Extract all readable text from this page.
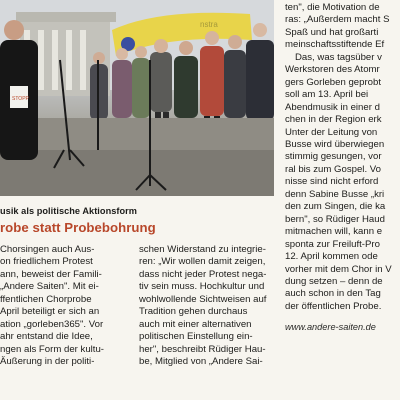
nstra
STOPP
usik als politische Aktionsform
robe statt Probebohrung
Chorsingen auch Aus-
on friedlichem Protest
ann, beweist der Famili-
„Andere Saiten". Mit ei-
ffentlichen Chorprobe
April beteiligt er sich an
ation „gorleben365". Vor
ahr entstand die Idee,
ngen als Form der kultu-
Äußerung in der politi-
schen Widerstand zu integrie-
ren: „Wir wollen damit zeigen,
dass nicht jeder Protest nega-
tiv sein muss. Hochkultur und
wohlwollende Sichtweisen auf
Tradition gehen durchaus
auch mit einer alternativen
politischen Einstellung ein-
her", beschreibt Rüdiger Hau-
be, Mitglied von „Andere Sai-
ten", die Motivation de
ras: „Außerdem macht S
Spaß und hat großarti
meinschaftsstiftende Ef
Das, was tagsüber v
Werkstoren des Atomr
gers Gorleben geprobt
soll am 13. April bei
Abendmusik in einer d
chen in der Region erk
Unter der Leitung von
Busse wird überwiegen
stimmig gesungen, vor
ral bis zum Gospel. Vo
nisse sind nicht erford
denn Sabine Busse „kri
den zum Singen, die ka
bern", so Rüdiger Haud
mitmachen will, kann e
sponta zur Freiluft-Pro
12. April kommen ode
vorher mit dem Chor in V
dung setzen – denn de
auch schon in den Tag
der öffentlichen Probe.
www.andere-saiten.de
